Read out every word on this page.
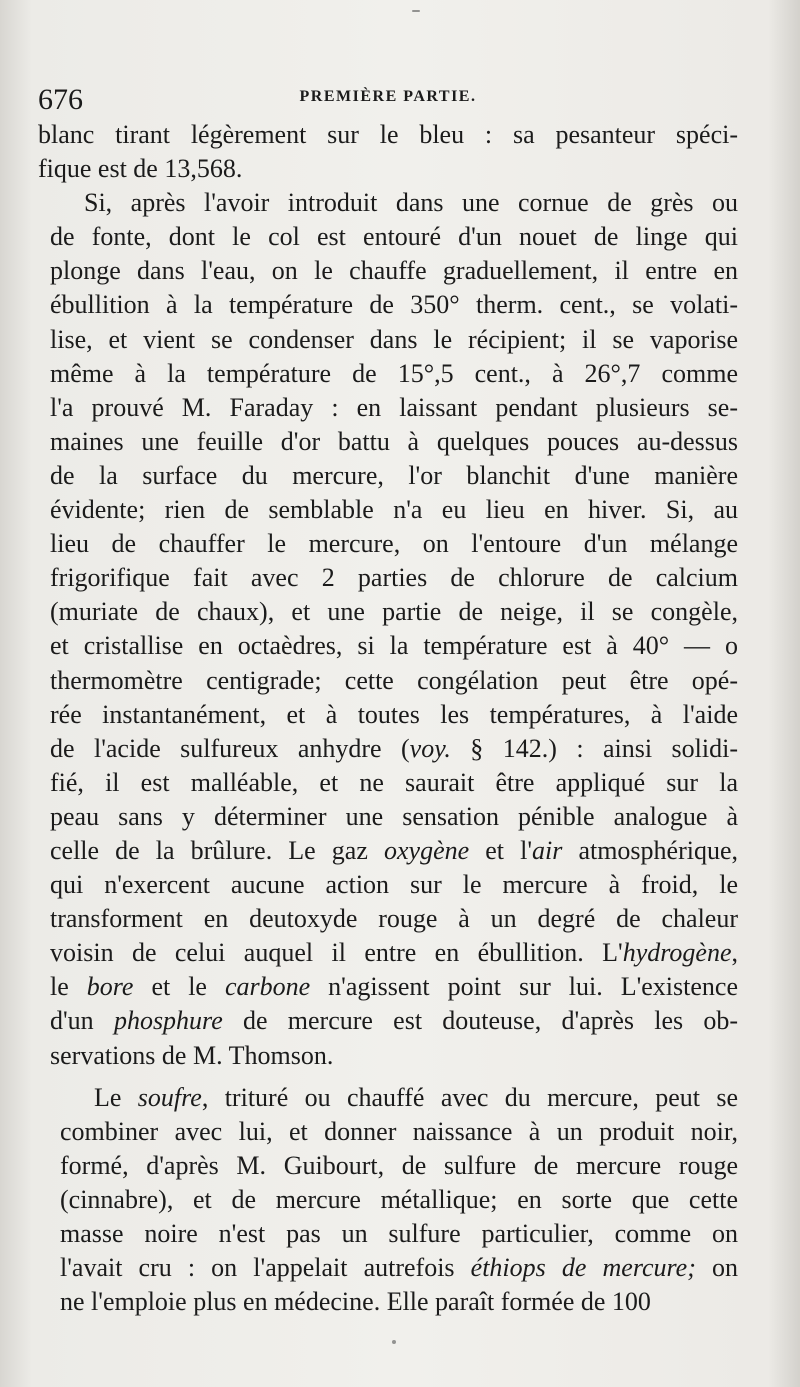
676	PREMIÈRE PARTIE.
blanc tirant légèrement sur le bleu : sa pesanteur spéci-
fique est de 13,568.
Si, après l'avoir introduit dans une cornue de grès ou
de fonte, dont le col est entouré d'un nouet de linge qui
plonge dans l'eau, on le chauffe graduellement, il entre en
ébullition à la température de 350° therm. cent., se volati-
lise, et vient se condenser dans le récipient; il se vaporise
même à la température de 15°,5 cent., à 26°,7 comme
l'a prouvé M. Faraday : en laissant pendant plusieurs se-
maines une feuille d'or battu à quelques pouces au-dessus
de la surface du mercure, l'or blanchit d'une manière
évidente; rien de semblable n'a eu lieu en hiver. Si, au
lieu de chauffer le mercure, on l'entoure d'un mélange
frigorifique fait avec 2 parties de chlorure de calcium
(muriate de chaux), et une partie de neige, il se congèle,
et cristallise en octaèdres, si la température est à 40° — o
thermomètre centigrade; cette congélation peut être opé-
rée instantanément, et à toutes les températures, à l'aide
de l'acide sulfureux anhydre (voy. § 142.) : ainsi solidi-
fié, il est malléable, et ne saurait être appliqué sur la
peau sans y déterminer une sensation pénible analogue à
celle de la brûlure. Le gaz oxygène et l'air atmosphérique,
qui n'exercent aucune action sur le mercure à froid, le
transforment en deutoxyde rouge à un degré de chaleur
voisin de celui auquel il entre en ébullition. L'hydrogène,
le bore et le carbone n'agissent point sur lui. L'existence
d'un phosphure de mercure est douteuse, d'après les ob-
servations de M. Thomson.
Le soufre, trituré ou chauffé avec du mercure, peut se
combiner avec lui, et donner naissance à un produit noir,
formé, d'après M. Guibourt, de sulfure de mercure rouge
(cinnabre), et de mercure métallique; en sorte que cette
masse noire n'est pas un sulfure particulier, comme on
l'avait cru : on l'appelait autrefois éthiops de mercure; on
ne l'emploie plus en médecine. Elle paraît formée de 100
